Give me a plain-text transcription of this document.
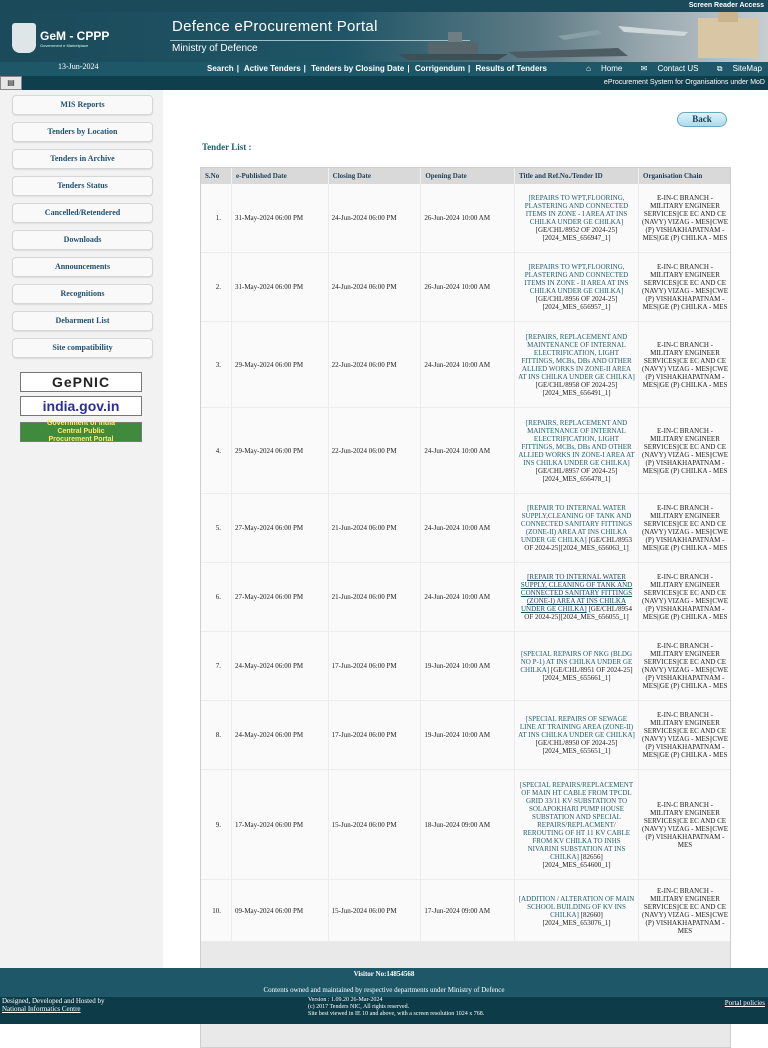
Screen Reader Access
GeM - CPPP
Government e Marketplace
Defence eProcurement Portal
Ministry of Defence
13-Jun-2024	Search | Active Tenders | Tenders by Closing Date | Corrigendum | Results of Tenders	⌂ Home ✉ Contact US ⧉ SiteMap
▤	eProcurement System for Organisations under MoD
MIS Reports
Tenders by Location
Tenders in Archive
Tenders Status
Cancelled/Retendered
Downloads
Announcements
Recognitions
Debarment List
Site compatibility
GePNIC
india.gov.in
Government of India
Central Public
Procurement Portal
Back
Tender List :
S.No	e-Published Date	Closing Date	Opening Date	Title and Ref.No./Tender ID	Organisation Chain
1.	31-May-2024 06:00 PM	24-Jun-2024 06:00 PM	26-Jun-2024 10:00 AM	[REPAIRS TO WPT,FLOORING, PLASTERING AND CONNECTED ITEMS IN ZONE - I AREA AT INS CHILKA UNDER GE CHILKA] [GE/CHL/8952 OF 2024-25][2024_MES_656947_1]	E-IN-C BRANCH - MILITARY ENGINEER SERVICES||CE EC AND CE (NAVY) VIZAG - MES||CWE (P) VISHAKHAPATNAM - MES||GE (P) CHILKA - MES
2.	31-May-2024 06:00 PM	24-Jun-2024 06:00 PM	26-Jun-2024 10:00 AM	[REPAIRS TO WPT,FLOORING, PLASTERING AND CONNECTED ITEMS IN ZONE - II AREA AT INS CHILKA UNDER GE CHILKA] [GE/CHL/8956 OF 2024-25][2024_MES_656957_1]	E-IN-C BRANCH - MILITARY ENGINEER SERVICES||CE EC AND CE (NAVY) VIZAG - MES||CWE (P) VISHAKHAPATNAM - MES||GE (P) CHILKA - MES
3.	29-May-2024 06:00 PM	22-Jun-2024 06:00 PM	24-Jun-2024 10:00 AM	[REPAIRS, REPLACEMENT AND MAINTENANCE OF INTERNAL ELECTRIFICATION, LIGHT FITTINGS, MCBs, DBs AND OTHER ALLIED WORKS IN ZONE-II AREA AT INS CHILKA UNDER GE CHILKA] [GE/CHL/8958 OF 2024-25][2024_MES_656491_1]	E-IN-C BRANCH - MILITARY ENGINEER SERVICES||CE EC AND CE (NAVY) VIZAG - MES||CWE (P) VISHAKHAPATNAM - MES||GE (P) CHILKA - MES
4.	29-May-2024 06:00 PM	22-Jun-2024 06:00 PM	24-Jun-2024 10:00 AM	[REPAIRS, REPLACEMENT AND MAINTENANCE OF INTERNAL ELECTRIFICATION, LIGHT FITTINGS, MCBs, DBs AND OTHER ALLIED WORKS IN ZONE-I AREA AT INS CHILKA UNDER GE CHILKA] [GE/CHL/8957 OF 2024-25][2024_MES_656478_1]	E-IN-C BRANCH - MILITARY ENGINEER SERVICES||CE EC AND CE (NAVY) VIZAG - MES||CWE (P) VISHAKHAPATNAM - MES||GE (P) CHILKA - MES
5.	27-May-2024 06:00 PM	21-Jun-2024 06:00 PM	24-Jun-2024 10:00 AM	[REPAIR TO INTERNAL WATER SUPPLY,CLEANING OF TANK AND CONNECTED SANITARY FITTINGS (ZONE-II) AREA AT INS CHILKA UNDER GE CHILKA] [GE/CHL/8953 OF 2024-25][2024_MES_656063_1]	E-IN-C BRANCH - MILITARY ENGINEER SERVICES||CE EC AND CE (NAVY) VIZAG - MES||CWE (P) VISHAKHAPATNAM - MES||GE (P) CHILKA - MES
6.	27-May-2024 06:00 PM	21-Jun-2024 06:00 PM	24-Jun-2024 10:00 AM	[REPAIR TO INTERNAL WATER SUPPLY, CLEANING OF TANK AND CONNECTED SANITARY FITTINGS (ZONE-I) AREA AT INS CHILKA UNDER GE CHILKA] [GE/CHL/8954 OF 2024-25][2024_MES_656055_1]	E-IN-C BRANCH - MILITARY ENGINEER SERVICES||CE EC AND CE (NAVY) VIZAG - MES||CWE (P) VISHAKHAPATNAM - MES||GE (P) CHILKA - MES
7.	24-May-2024 06:00 PM	17-Jun-2024 06:00 PM	19-Jun-2024 10:00 AM	[SPECIAL REPAIRS OF NKG (BLDG NO P-1) AT INS CHILKA UNDER GE CHILKA] [GE/CHL/8951 OF 2024-25][2024_MES_655661_1]	E-IN-C BRANCH - MILITARY ENGINEER SERVICES||CE EC AND CE (NAVY) VIZAG - MES||CWE (P) VISHAKHAPATNAM - MES||GE (P) CHILKA - MES
8.	24-May-2024 06:00 PM	17-Jun-2024 06:00 PM	19-Jun-2024 10:00 AM	[SPECIAL REPAIRS OF SEWAGE LINE AT TRAINING AREA (ZONE-II) AT INS CHILKA UNDER GE CHILKA] [GE/CHL/8950 OF 2024-25][2024_MES_655651_1]	E-IN-C BRANCH - MILITARY ENGINEER SERVICES||CE EC AND CE (NAVY) VIZAG - MES||CWE (P) VISHAKHAPATNAM - MES||GE (P) CHILKA - MES
9.	17-May-2024 06:00 PM	15-Jun-2024 06:00 PM	18-Jun-2024 09:00 AM	[SPECIAL REPAIRS/REPLACEMENT OF MAIN HT CABLE FROM TPCDL GRID 33/11 KV SUBSTATION TO SOLAPOKHARI PUMP HOUSE SUBSTATION AND SPECIAL REPAIRS/REPLACMENT/ REROUTING OF HT 11 KV CABLE FROM KV CHILKA TO INHS NIVARINI SUBSTATION AT INS CHILKA] [82656][2024_MES_654600_1]	E-IN-C BRANCH - MILITARY ENGINEER SERVICES||CE EC AND CE (NAVY) VIZAG - MES||CWE (P) VISHAKHAPATNAM - MES
10.	09-May-2024 06:00 PM	15-Jun-2024 06:00 PM	17-Jun-2024 09:00 AM	[ADDITION / ALTERATION OF MAIN SCHOOL BUILDING OF KV INS CHILKA] [82660][2024_MES_653076_1]	E-IN-C BRANCH - MILITARY ENGINEER SERVICES||CE EC AND CE (NAVY) VIZAG - MES||CWE (P) VISHAKHAPATNAM - MES
Visitor No:14854568
Contents owned and maintained by respective departments under Ministry of Defence
Designed, Developed and Hosted by
National Informatics Centre
Version : 1.09.20 26-Mar-2024
(c) 2017 Tenders NIC, All rights reserved.
Site best viewed in IE 10 and above, with a screen resolution 1024 x 768.
Portal policies
